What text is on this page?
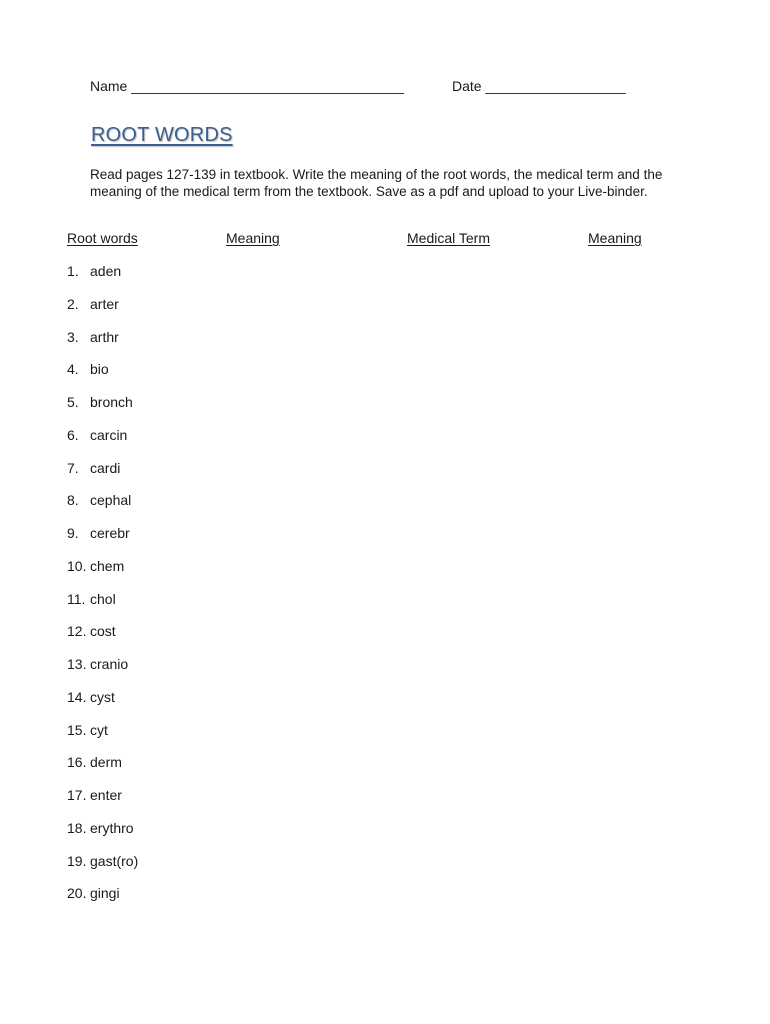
Name ___________________________________	Date __________________
ROOT WORDS
Read pages 127-139 in textbook. Write the meaning of the root words, the medical term and the meaning of the medical term from the textbook. Save as a pdf and upload to your Live-binder.
Root words	Meaning	Medical Term	Meaning
1. aden
2. arter
3. arthr
4. bio
5. bronch
6. carcin
7. cardi
8. cephal
9. cerebr
10. chem
11. chol
12. cost
13. cranio
14. cyst
15. cyt
16. derm
17. enter
18. erythro
19. gast(ro)
20. gingi
